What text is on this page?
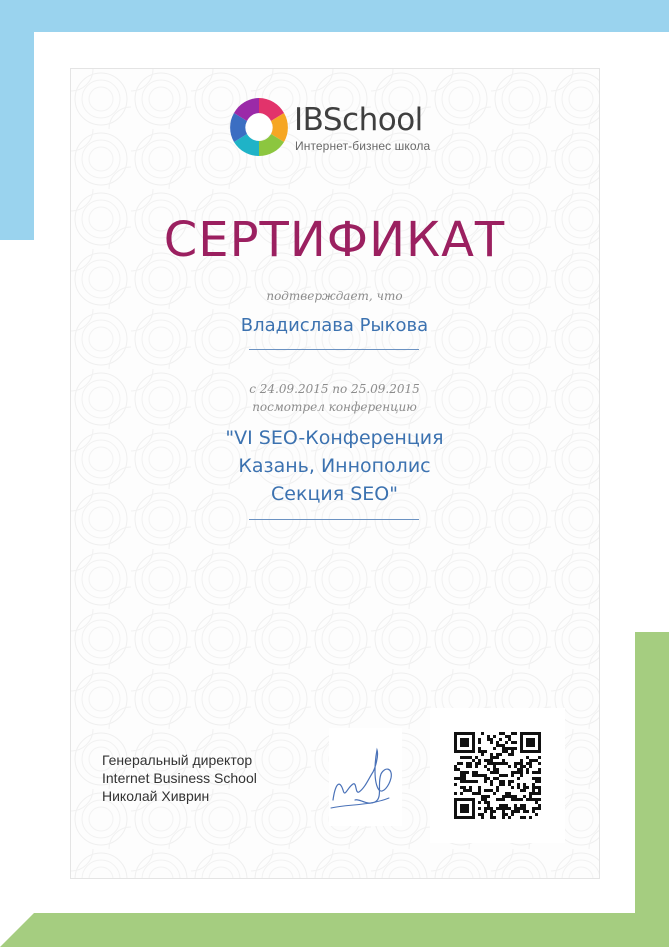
IBSchool
Интернет-бизнес школа
СЕРТИФИКАТ
подтверждает, что
Владислава Рыкова
с 24.09.2015 по 25.09.2015
посмотрел конференцию
"VI SEO-Конференция
Казань, Иннополис
Секция SEO"
Генеральный директор
Internet Business School
Николай Хиврин
